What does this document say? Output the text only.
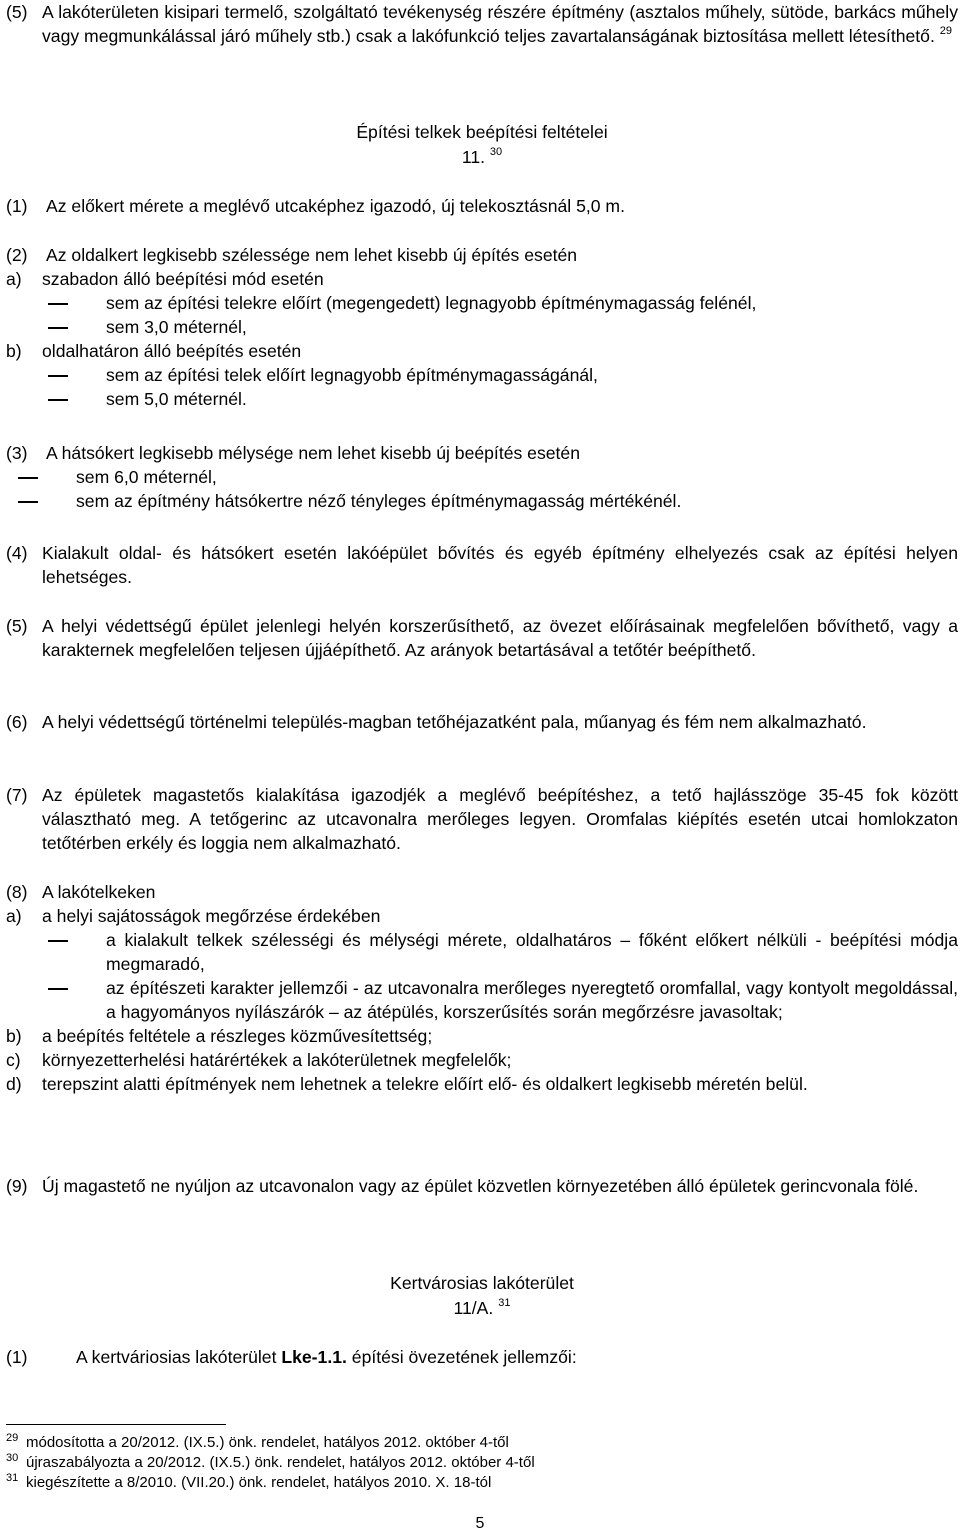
(5) A lakóterületen kisipari termelő, szolgáltató tevékenység részére építmény (asztalos műhely, sütöde, barkács műhely vagy megmunkálással járó műhely stb.) csak a lakófunkció teljes zavartalanságának biztosítása mellett létesíthető. $^{29}$
Építési telkek beépítési feltételei
11. $^{30}$
(1)	Az előkert mérete a meglévő utcaképhez igazodó, új telekosztásnál 5,0 m.
(2)	Az oldalkert legkisebb szélessége nem lehet kisebb új építés esetén
a)	szabadon álló beépítési mód esetén
sem az építési telekre előírt (megengedett) legnagyobb építménymagasság felénél,
sem 3,0 méternél,
b)	oldalhatáron álló beépítés esetén
sem az építési telek előírt legnagyobb építménymagasságánál,
sem 5,0 méternél.
(3)	A hátsókert legkisebb mélysége nem lehet kisebb új beépítés esetén
sem 6,0 méternél,
sem az építmény hátsókertre néző tényleges építménymagasság mértékénél.
(4) Kialakult oldal- és hátsókert esetén lakóépület bővítés és egyéb építmény elhelyezés csak az építési helyen lehetséges.
(5) A helyi védettségű épület jelenlegi helyén korszerűsíthető, az övezet előírásainak megfelelően bővíthető, vagy a karakternek megfelelően teljesen újjáépíthető. Az arányok betartásával a tetőtér beépíthető.
(6) A helyi védettségű történelmi település-magban tetőhéjazatként pala, műanyag és fém nem alkalmazható.
(7) Az épületek magastetős kialakítása igazodjék a meglévő beépítéshez, a tető hajlásszöge 35-45 fok között választható meg. A tetőgerinc az utcavonalra merőleges legyen. Oromfalas kiépítés esetén utcai homlokzaton tetőtérben erkély és loggia nem alkalmazható.
(8) A lakótelkeken
a)	a helyi sajátosságok megőrzése érdekében
a kialakult telkek szélességi és mélységi mérete, oldalhatáros – főként előkert nélküli - beépítési módja megmaradó,
az építészeti karakter jellemzői - az utcavonalra merőleges nyeregtető oromfallal, vagy kontyolt megoldással, a hagyományos nyílászárók – az átépülés, korszerűsítés során megőrzésre javasoltak;
b)	a beépítés feltétele a részleges közművesítettség;
c)	környezetterhelési határértékek a lakóterületnek megfelelők;
d)	terepszint alatti építmények nem lehetnek a telekre előírt elő- és oldalkert legkisebb méretén belül.
(9) Új magastető ne nyúljon az utcavonalon vagy az épület közvetlen környezetében álló épületek gerincvonala fölé.
Kertvárosias lakóterület
11/A. $^{31}$
(1)	A kertváriosias lakóterület Lke-1.1. építési övezetének jellemzői:
29 módosította a 20/2012. (IX.5.) önk. rendelet, hatályos 2012. október 4-től
30 újraszabályozta a 20/2012. (IX.5.) önk. rendelet, hatályos 2012. október 4-től
31 kiegészítette a 8/2010. (VII.20.) önk. rendelet, hatályos 2010. X. 18-tól
5
